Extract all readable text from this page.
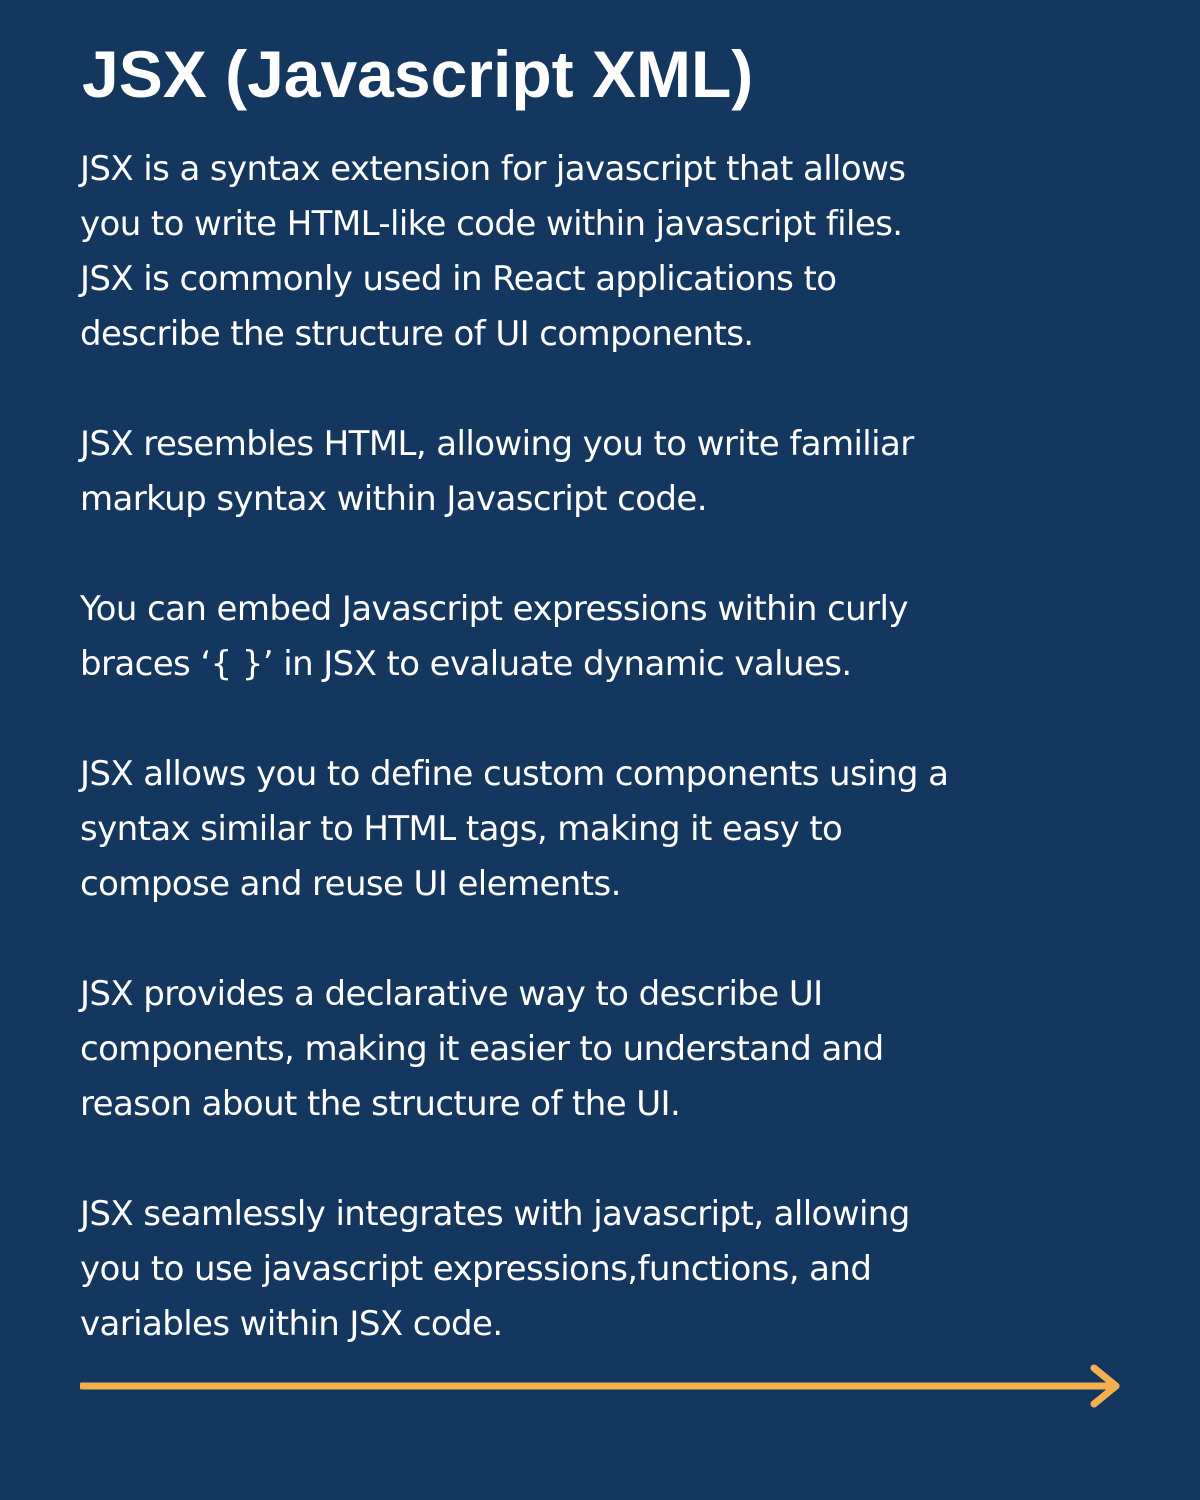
JSX (Javascript XML)

JSX is a syntax extension for javascript that allows
you to write HTML-like code within javascript files.
JSX is commonly used in React applications to
describe the structure of UI components.

JSX resembles HTML, allowing you to write familiar
markup syntax within Javascript code.

You can embed Javascript expressions within curly
braces ‘{ }’ in JSX to evaluate dynamic values.

JSX allows you to define custom components using a
syntax similar to HTML tags, making it easy to
compose and reuse UI elements.

JSX provides a declarative way to describe UI
components, making it easier to understand and
reason about the structure of the UI.

JSX seamlessly integrates with javascript, allowing
you to use javascript expressions,functions, and
variables within JSX code.
